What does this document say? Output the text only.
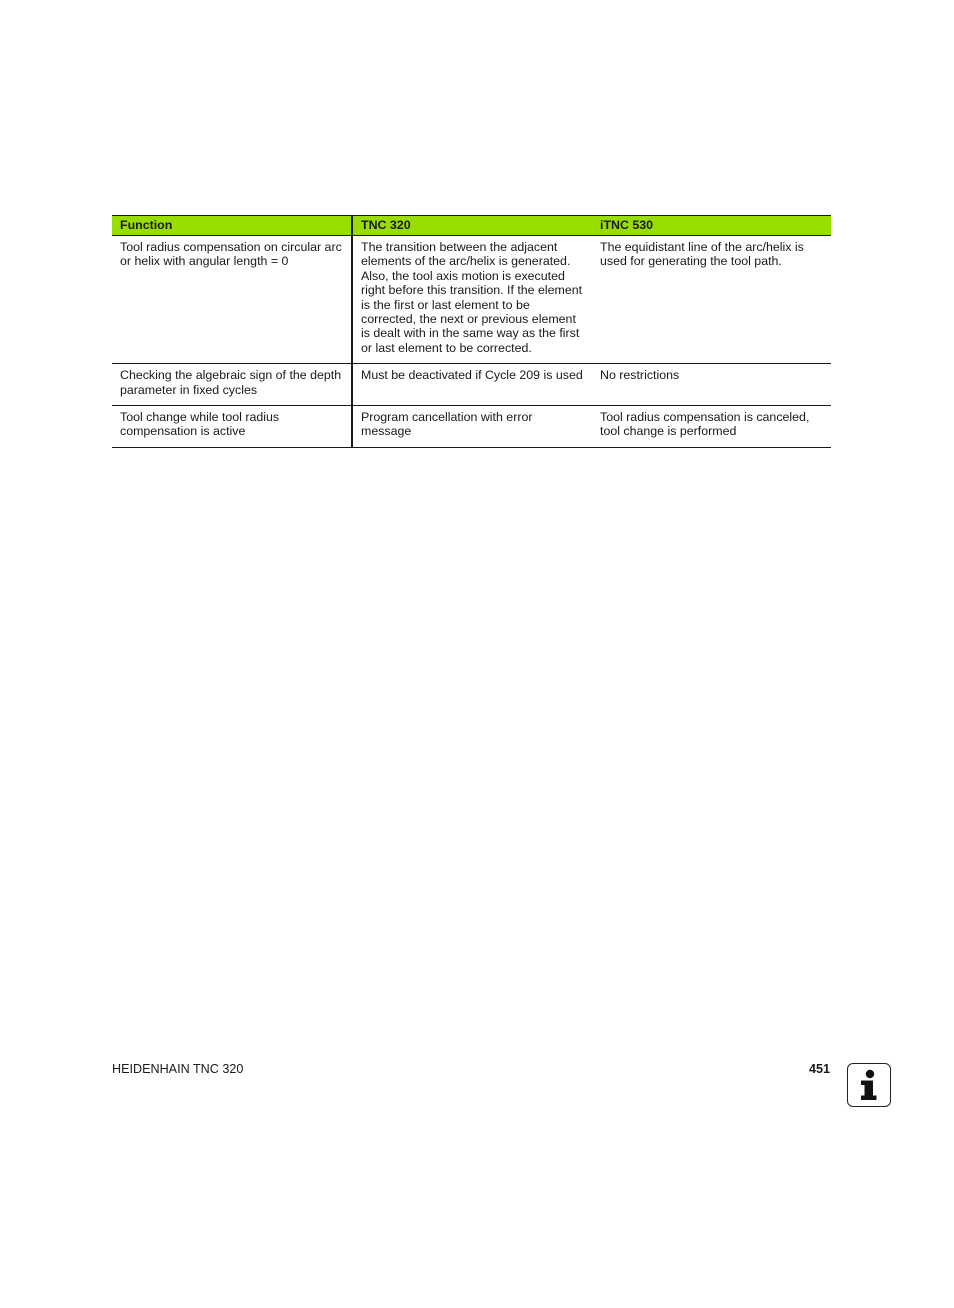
Function	TNC 320	iTNC 530
Tool radius compensation on circular arc or helix with angular length = 0	The transition between the adjacent elements of the arc/helix is generated. Also, the tool axis motion is executed right before this transition. If the element is the first or last element to be corrected, the next or previous element is dealt with in the same way as the first or last element to be corrected.	The equidistant line of the arc/helix is used for generating the tool path.
Checking the algebraic sign of the depth parameter in fixed cycles	Must be deactivated if Cycle 209 is used	No restrictions
Tool change while tool radius compensation is active	Program cancellation with error message	Tool radius compensation is canceled, tool change is performed
HEIDENHAIN TNC 320	451
